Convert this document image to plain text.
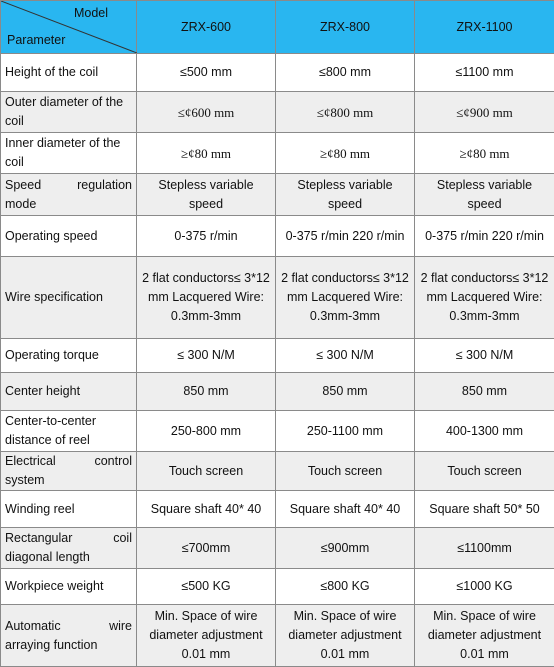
Model
Parameter	ZRX-600	ZRX-800	ZRX-1100
Height of the coil	≤500 mm	≤800 mm	≤1100 mm
Outer diameter of the coil	≤¢600 mm	≤¢800 mm	≤¢900 mm
Inner diameter of the coil	≥¢80 mm	≥¢80 mm	≥¢80 mm
Speed regulation mode	Stepless variable speed	Stepless variable speed	Stepless variable speed
Operating speed	0-375 r/min	0-375 r/min 220 r/min	0-375 r/min 220 r/min
Wire specification	2 flat conductors≤ 3*12 mm Lacquered Wire: 0.3mm-3mm	2 flat conductors≤ 3*12 mm Lacquered Wire: 0.3mm-3mm	2 flat conductors≤ 3*12 mm Lacquered Wire: 0.3mm-3mm
Operating torque	≤ 300 N/M	≤ 300 N/M	≤ 300 N/M
Center height	850 mm	850 mm	850 mm
Center-to-center distance of reel	250-800 mm	250-1100 mm	400-1300 mm
Electrical control system	Touch screen	Touch screen	Touch screen
Winding reel	Square shaft 40* 40	Square shaft 40* 40	Square shaft 50* 50
Rectangular coil diagonal length	≤700mm	≤900mm	≤1100mm
Workpiece weight	≤500 KG	≤800 KG	≤1000 KG
Automatic wire arraying function	Min. Space of wire diameter adjustment 0.01 mm	Min. Space of wire diameter adjustment 0.01 mm	Min. Space of wire diameter adjustment 0.01 mm
